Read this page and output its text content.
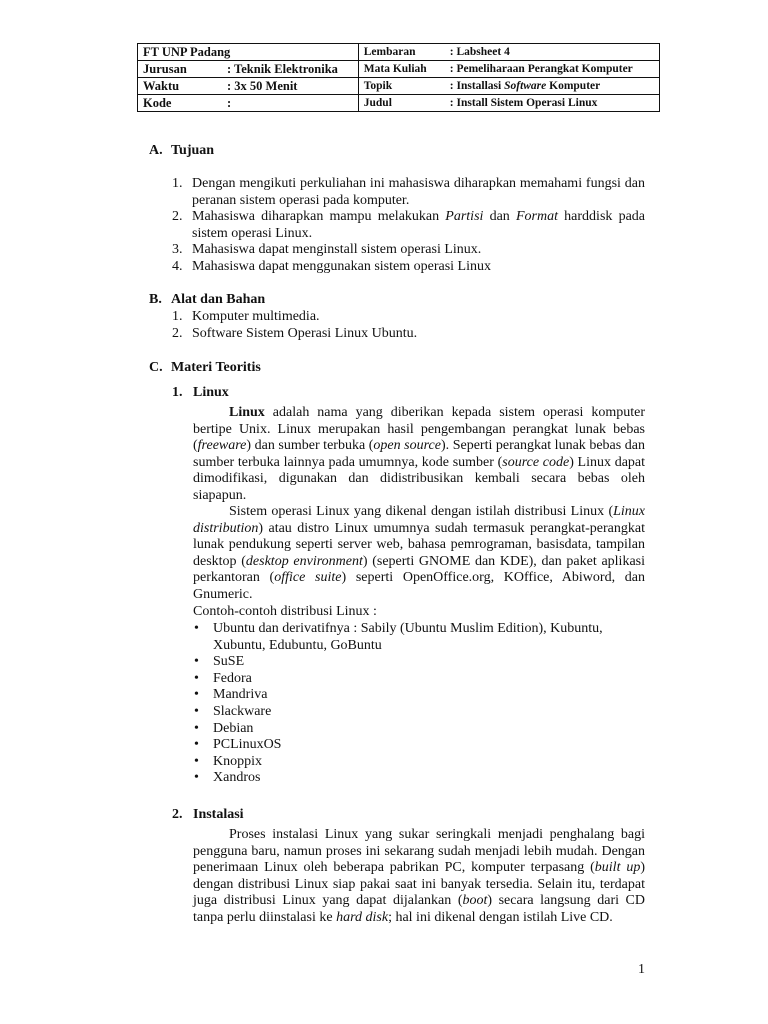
FT UNP Padang	Lembaran : Labsheet 4
Jurusan : Teknik Elektronika	Mata Kuliah : Pemeliharaan Perangkat Komputer
Waktu : 3x 50 Menit	Topik : Installasi Software Komputer
Kode :	Judul : Install Sistem Operasi Linux
A. Tujuan
1. Dengan mengikuti perkuliahan ini mahasiswa diharapkan memahami fungsi dan peranan sistem operasi pada komputer.
2. Mahasiswa diharapkan mampu melakukan Partisi dan Format harddisk pada sistem operasi Linux.
3. Mahasiswa dapat menginstall sistem operasi Linux.
4. Mahasiswa dapat menggunakan sistem operasi Linux
B. Alat dan Bahan
1. Komputer multimedia.
2. Software Sistem Operasi Linux Ubuntu.
C. Materi Teoritis
1. Linux
Linux adalah nama yang diberikan kepada sistem operasi komputer bertipe Unix. Linux merupakan hasil pengembangan perangkat lunak bebas (freeware) dan sumber terbuka (open source). Seperti perangkat lunak bebas dan sumber terbuka lainnya pada umumnya, kode sumber (source code) Linux dapat dimodifikasi, digunakan dan didistribusikan kembali secara bebas oleh siapapun.
Sistem operasi Linux yang dikenal dengan istilah distribusi Linux (Linux distribution) atau distro Linux umumnya sudah termasuk perangkat-perangkat lunak pendukung seperti server web, bahasa pemrograman, basisdata, tampilan desktop (desktop environment) (seperti GNOME dan KDE), dan paket aplikasi perkantoran (office suite) seperti OpenOffice.org, KOffice, Abiword, dan Gnumeric.
Contoh-contoh distribusi Linux :
• Ubuntu dan derivatifnya : Sabily (Ubuntu Muslim Edition), Kubuntu, Xubuntu, Edubuntu, GoBuntu
• SuSE
• Fedora
• Mandriva
• Slackware
• Debian
• PCLinuxOS
• Knoppix
• Xandros
2. Instalasi
Proses instalasi Linux yang sukar seringkali menjadi penghalang bagi pengguna baru, namun proses ini sekarang sudah menjadi lebih mudah. Dengan penerimaan Linux oleh beberapa pabrikan PC, komputer terpasang (built up) dengan distribusi Linux siap pakai saat ini banyak tersedia. Selain itu, terdapat juga distribusi Linux yang dapat dijalankan (boot) secara langsung dari CD tanpa perlu diinstalasi ke hard disk; hal ini dikenal dengan istilah Live CD.
1
